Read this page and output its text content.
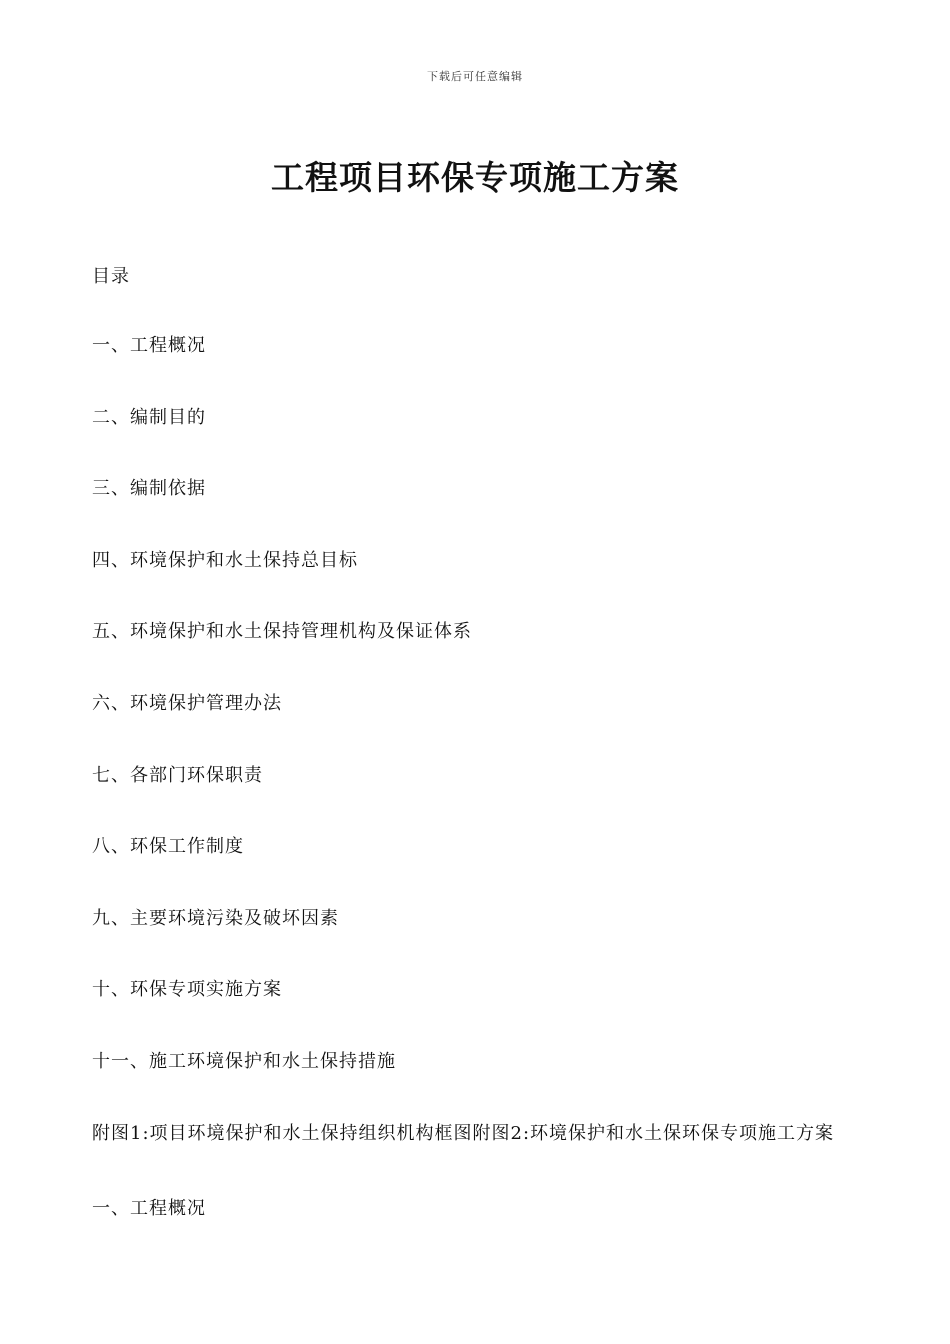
下载后可任意编辑
工程项目环保专项施工方案
目录
一、工程概况
二、编制目的
三、编制依据
四、环境保护和水土保持总目标
五、环境保护和水土保持管理机构及保证体系
六、环境保护管理办法
七、各部门环保职责
八、环保工作制度
九、主要环境污染及破坏因素
十、环保专项实施方案
十一、施工环境保护和水土保持措施
附图1:项目环境保护和水土保持组织机构框图附图2:环境保护和水土保环保专项施工方案
一、工程概况
